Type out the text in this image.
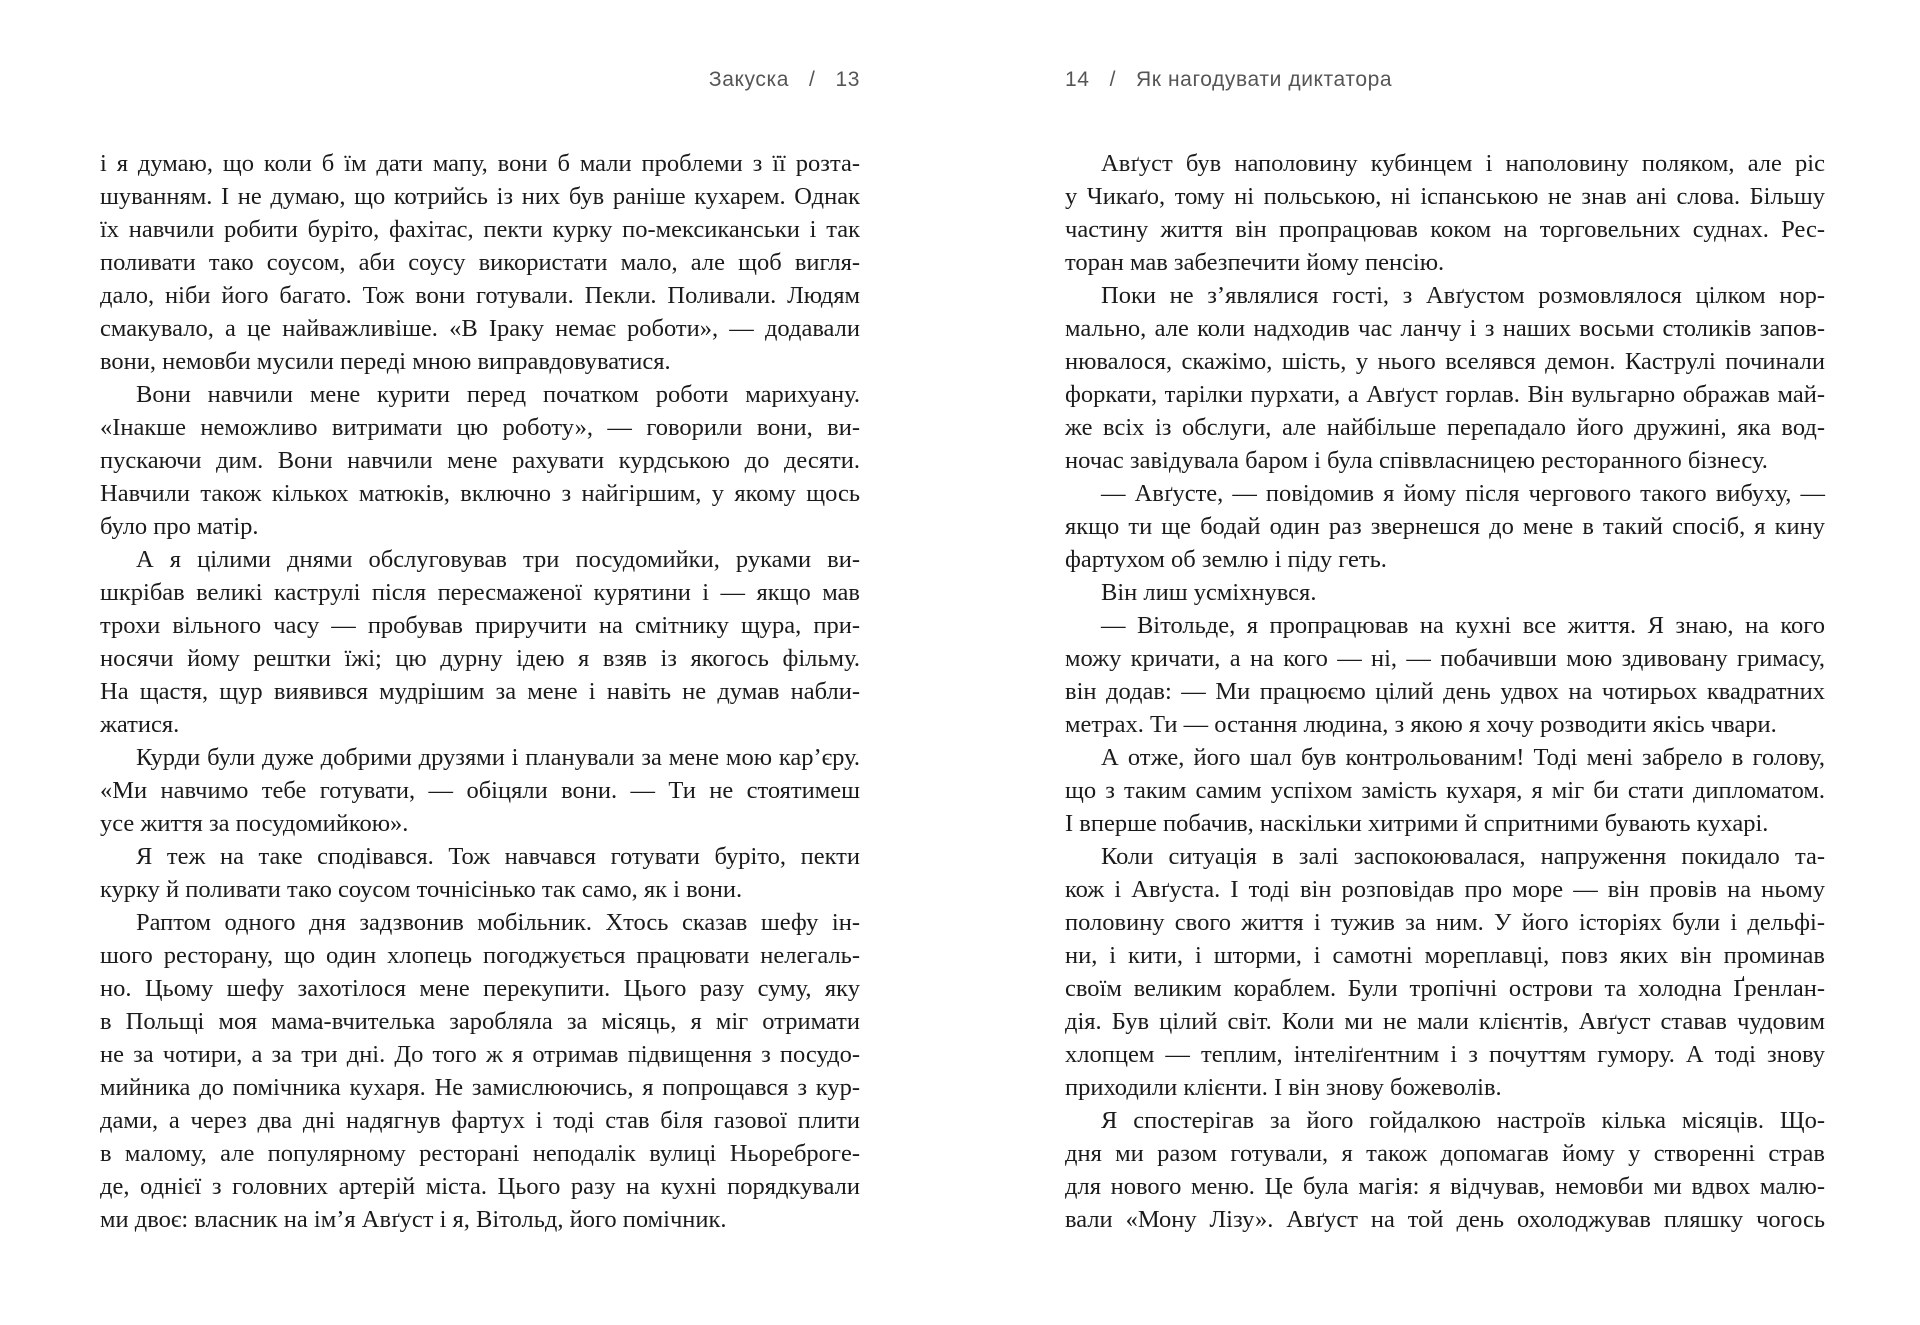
Закуска / 13
і я думаю, що коли б їм дати мапу, вони б мали проблеми з її розта-
шуванням. І не думаю, що котрийсь із них був раніше кухарем. Однак
їх навчили робити буріто, фахітас, пекти курку по-мексиканськи і так
поливати тако соусом, аби соусу використати мало, але щоб вигля-
дало, ніби його багато. Тож вони готували. Пекли. Поливали. Людям
смакувало, а це найважливіше. «В Іраку немає роботи», — додавали
вони, немовби мусили переді мною виправдовуватися.
Вони навчили мене курити перед початком роботи марихуану.
«Інакше неможливо витримати цю роботу», — говорили вони, ви-
пускаючи дим. Вони навчили мене рахувати курдською до десяти.
Навчили також кількох матюків, включно з найгіршим, у якому щось
було про матір.
А я цілими днями обслуговував три посудомийки, руками ви-
шкрібав великі каструлі після пересмаженої курятини і — якщо мав
трохи вільного часу — пробував приручити на смітнику щура, при-
носячи йому рештки їжі; цю дурну ідею я взяв із якогось фільму.
На щастя, щур виявився мудрішим за мене і навіть не думав набли-
жатися.
Курди були дуже добрими друзями і планували за мене мою кар’єру.
«Ми навчимо тебе готувати, — обіцяли вони. — Ти не стоятимеш
усе життя за посудомийкою».
Я теж на таке сподівався. Тож навчався готувати буріто, пекти
курку й поливати тако соусом точнісінько так само, як і вони.
Раптом одного дня задзвонив мобільник. Хтось сказав шефу ін-
шого ресторану, що один хлопець погоджується працювати нелегаль-
но. Цьому шефу захотілося мене перекупити. Цього разу суму, яку
в Польщі моя мама-вчителька заробляла за місяць, я міг отримати
не за чотири, а за три дні. До того ж я отримав підвищення з посудо-
мийника до помічника кухаря. Не замислюючись, я попрощався з кур-
дами, а через два дні надягнув фартух і тоді став біля газової плити
в малому, але популярному ресторані неподалік вулиці Ньорeбрoгe-
де, однієї з головних артерій міста. Цього разу на кухні порядкували
ми двоє: власник на ім’я Авґуст і я, Вітольд, його помічник.
14 / Як нагодувати диктатора
Авґуст був наполовину кубинцем і наполовину поляком, але ріс
у Чикаґо, тому ні польською, ні іспанською не знав ані слова. Більшу
частину життя він пропрацював коком на торговельних суднах. Рес-
торан мав забезпечити йому пенсію.
Поки не з’являлися гості, з Авґустом розмовлялося цілком нор-
мально, але коли надходив час ланчу і з наших восьми столиків запов-
нювалося, скажімо, шість, у нього вселявся демон. Каструлі починали
форкати, тарілки пурхати, а Авґуст горлав. Він вульгарно ображав май-
же всіх із обслуги, але найбільше перепадало його дружині, яка вод-
ночас завідувала баром і була співвласницею ресторанного бізнесу.
— Авґусте, — повідомив я йому після чергового такого вибуху, —
якщо ти ще бодай один раз звернешся до мене в такий спосіб, я кину
фартухом об землю і піду геть.
Він лиш усміхнувся.
— Вітольде, я пропрацював на кухні все життя. Я знаю, на кого
можу кричати, а на кого — ні, — побачивши мою здивовану гримасу,
він додав: — Ми працюємо цілий день удвох на чотирьох квадратних
метрах. Ти — остання людина, з якою я хочу розводити якісь чвари.
А отже, його шал був контрольованим! Тоді мені забрело в голову,
що з таким самим успіхом замість кухаря, я міг би стати дипломатом.
І вперше побачив, наскільки хитрими й спритними бувають кухарі.
Коли ситуація в залі заспокоювалася, напруження покидало та-
кож і Авґуста. І тоді він розповідав про море — він провів на ньому
половину свого життя і тужив за ним. У його історіях були і дельфі-
ни, і кити, і шторми, і самотні мореплавці, повз яких він проминав
своїм великим кораблем. Були тропічні острови та холодна Ґренлан-
дія. Був цілий світ. Коли ми не мали клієнтів, Авґуст ставав чудовим
хлопцем — теплим, інтеліґентним і з почуттям гумору. А тоді знову
приходили клієнти. І він знову божеволів.
Я спостерігав за його гойдалкою настроїв кілька місяців. Що-
дня ми разом готували, я також допомагав йому у створенні страв
для нового меню. Це була магія: я відчував, немовби ми вдвох малю-
вали «Мону Лізу». Авґуст на той день охолоджував пляшку чогось
